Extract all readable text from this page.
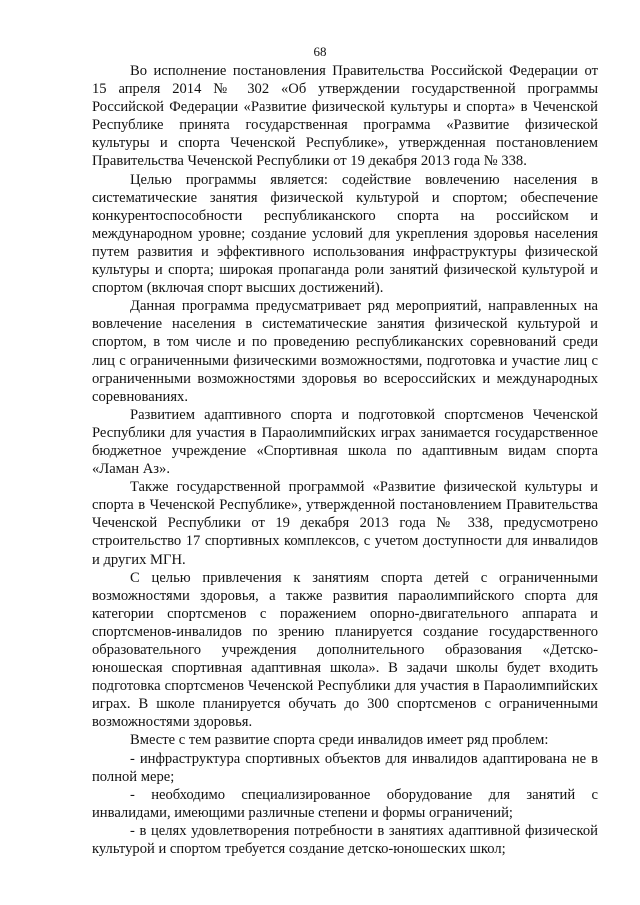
68

Во исполнение постановления Правительства Российской Федерации от 15 апреля 2014 № 302 «Об утверждении государственной программы Российской Федерации «Развитие физической культуры и спорта» в Чеченской Республике принята государственная программа «Развитие физической культуры и спорта Чеченской Республике», утвержденная постановлением Правительства Чеченской Республики от 19 декабря 2013 года № 338.

Целью программы является: содействие вовлечению населения в систематические занятия физической культурой и спортом; обеспечение конкурентоспособности республиканского спорта на российском и международном уровне; создание условий для укрепления здоровья населения путем развития и эффективного использования инфраструктуры физической культуры и спорта; широкая пропаганда роли занятий физической культурой и спортом (включая спорт высших достижений).

Данная программа предусматривает ряд мероприятий, направленных на вовлечение населения в систематические занятия физической культурой и спортом, в том числе и по проведению республиканских соревнований среди лиц с ограниченными физическими возможностями, подготовка и участие лиц с ограниченными возможностями здоровья во всероссийских и международных соревнованиях.

Развитием адаптивного спорта и подготовкой спортсменов Чеченской Республики для участия в Параолимпийских играх занимается государственное бюджетное учреждение «Спортивная школа по адаптивным видам спорта «Ламан Аз».

Также государственной программой «Развитие физической культуры и спорта в Чеченской Республике», утвержденной постановлением Правительства Чеченской Республики от 19 декабря 2013 года № 338, предусмотрено строительство 17 спортивных комплексов, с учетом доступности для инвалидов и других МГН.

С целью привлечения к занятиям спорта детей с ограниченными возможностями здоровья, а также развития параолимпийского спорта для категории спортсменов с поражением опорно-двигательного аппарата и спортсменов-инвалидов по зрению планируется создание государственного образовательного учреждения дополнительного образования «Детско-юношеская спортивная адаптивная школа». В задачи школы будет входить подготовка спортсменов Чеченской Республики для участия в Параолимпийских играх. В школе планируется обучать до 300 спортсменов с ограниченными возможностями здоровья.

Вместе с тем развитие спорта среди инвалидов имеет ряд проблем:

- инфраструктура спортивных объектов для инвалидов адаптирована не в полной мере;

- необходимо специализированное оборудование для занятий с инвалидами, имеющими различные степени и формы ограничений;

- в целях удовлетворения потребности в занятиях адаптивной физической культурой и спортом требуется создание детско-юношеских школ;
